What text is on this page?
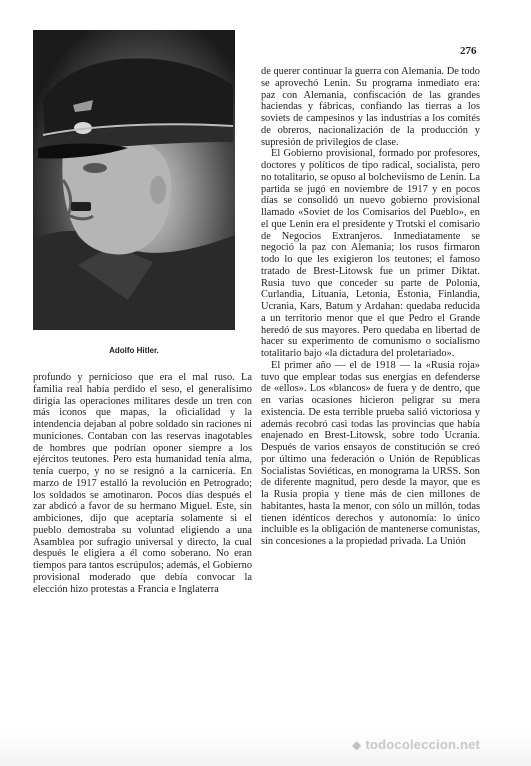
Adolfo Hitler.
276

de querer continuar la guerra con Alemania. De todo se aprovechó Lenin. Su programa inmediato era: paz con Alemania, confiscación de las grandes haciendas y fábricas, confiando las tierras a los soviets de campesinos y las industrias a los comités de obreros, nacionalización de la producción y supresión de privilegios de clase.

El Gobierno provisional, formado por profesores, doctores y políticos de tipo radical, socialista, pero no totalitario, se opuso al bolcheviismo de Lenin. La partida se jugó en noviembre de 1917 y en pocos días se consolidó un nuevo gobierno provisional llamado «Soviet de los Comisarios del Pueblo», en el que Lenin era el presidente y Trotski el comisario de Negocios Extranjeros. Inmediatamente se negoció la paz con Alemania; los rusos firmaron todo lo que les exigieron los teutones; el famoso tratado de Brest-Litowsk fue un primer Diktat. Rusia tuvo que conceder su parte de Polonia, Curlandia, Lituania, Letonia, Estonia, Finlandia, Ucrania, Kars, Batum y Ardahan: quedaba reducida a un territorio menor que el que Pedro el Grande heredó de sus mayores. Pero quedaba en libertad de hacer su experimento de comunismo o socialismo totalitario bajo «la dictadura del proletariado».

El primer año — el de 1918 — la «Rusia roja» tuvo que emplear todas sus energías en defenderse de «ellos». Los «blancos» de fuera y de dentro, que en varias ocasiones hicieron peligrar su mera existencia. De esta terrible prueba salió victoriosa y además recobró casi todas las provincias que había enajenado en Brest-Litowsk, sobre todo Ucrania. Después de varios ensayos de constitución se creó por último una federación o Unión de Repúblicas Socialistas Soviéticas, en monograma la URSS. Son de diferente magnitud, pero desde la mayor, que es la Rusia propia y tiene más de cien millones de habitantes, hasta la menor, con sólo un millón, todas tienen idénticos derechos y autonomía: lo único incluible es la obligación de mantenerse comunistas, sin concesiones a la propiedad privada. La Unión

profundo y pernicioso que era el mal ruso. La familia real había perdido el seso, el generalísimo dirigía las operaciones militares desde un tren con más iconos que mapas, la oficialidad y la intendencia dejaban al pobre soldado sin raciones ni municiones. Contaban con las reservas inagotables de hombres que podrían oponer siempre a los ejércitos teutones. Pero esta humanidad tenía alma, tenía cuerpo, y no se resignó a la carnicería. En marzo de 1917 estalló la revolución en Petrogrado; los soldados se amotinaron. Pocos días después el zar abdicó a favor de su hermano Miguel. Este, sin ambiciones, dijo que aceptaría solamente si el pueblo demostraba su voluntad eligiendo a una Asamblea por sufragio universal y directo, la cual después le eligiera a él como soberano. No eran tiempos para tantos escrúpulos; además, el Gobierno provisional moderado que debía convocar la elección hizo protestas a Francia e Inglaterra

◆ todocoleccion.net
